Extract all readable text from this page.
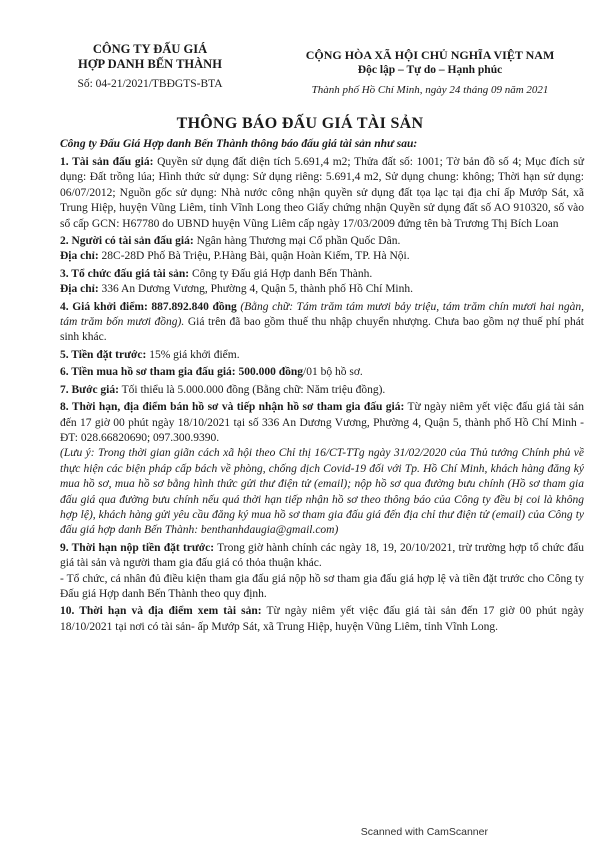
CÔNG TY ĐẤU GIÁ
HỢP DANH BẾN THÀNH
Số: 04-21/2021/TBĐGTS-BTA
CỘNG HÒA XÃ HỘI CHỦ NGHĨA VIỆT NAM
Độc lập – Tự do – Hạnh phúc
Thành phố Hồ Chí Minh, ngày 24 tháng 09 năm 2021
THÔNG BÁO ĐẤU GIÁ TÀI SẢN
Công ty Đấu Giá Hợp danh Bến Thành thông báo đấu giá tài sản như sau:

1. Tài sản đấu giá: Quyền sử dụng đất diện tích 5.691,4 m2; Thửa đất số: 1001; Tờ bản đồ số 4; Mục đích sử dụng: Đất trồng lúa; Hình thức sử dụng: Sử dụng riêng: 5.691,4 m2, Sử dụng chung: không; Thời hạn sử dụng: 06/07/2012; Nguồn gốc sử dụng: Nhà nước công nhận quyền sử dụng đất tọa lạc tại địa chỉ ấp Mướp Sát, xã Trung Hiệp, huyện Vũng Liêm, tỉnh Vĩnh Long theo Giấy chứng nhận Quyền sử dụng đất số AO 910320, số vào sổ cấp GCN: H67780 do UBND huyện Vũng Liêm cấp ngày 17/03/2009 đứng tên bà Trương Thị Bích Loan

2. Người có tài sản đấu giá: Ngân hàng Thương mại Cổ phần Quốc Dân.
Địa chỉ: 28C-28D Phố Bà Triệu, P.Hàng Bài, quận Hoàn Kiếm, TP. Hà Nội.

3. Tổ chức đấu giá tài sản: Công ty Đấu giá Hợp danh Bến Thành.
Địa chỉ: 336 An Dương Vương, Phường 4, Quận 5, thành phố Hồ Chí Minh.

4. Giá khởi điểm: 887.892.840 đồng (Bằng chữ: Tám trăm tám mươi bảy triệu, tám trăm chín mươi hai ngàn, tám trăm bốn mươi đồng). Giá trên đã bao gồm thuế thu nhập chuyển nhượng. Chưa bao gồm nợ thuế phí phát sinh khác.

5. Tiền đặt trước: 15% giá khởi điểm.

6. Tiền mua hồ sơ tham gia đấu giá: 500.000 đồng/01 bộ hồ sơ.

7. Bước giá: Tối thiểu là 5.000.000 đồng (Bằng chữ: Năm triệu đồng).

8. Thời hạn, địa điểm bán hồ sơ và tiếp nhận hồ sơ tham gia đấu giá: Từ ngày niêm yết việc đấu giá tài sản đến 17 giờ 00 phút ngày 18/10/2021 tại số 336 An Dương Vương, Phường 4, Quận 5, thành phố Hồ Chí Minh - ĐT: 028.66820690; 097.300.9390.
(Lưu ý: Trong thời gian giãn cách xã hội theo Chỉ thị 16/CT-TTg ngày 31/02/2020 của Thủ tướng Chính phủ về thực hiện các biện pháp cấp bách về phòng, chống dịch Covid-19 đối với Tp. Hồ Chí Minh, khách hàng đăng ký mua hồ sơ, mua hồ sơ bằng hình thức gửi thư điện tử (email); nộp hồ sơ qua đường bưu chính (Hồ sơ tham gia đấu giá qua đường bưu chính nếu quá thời hạn tiếp nhận hồ sơ theo thông báo của Công ty đều bị coi là không hợp lệ), khách hàng gửi yêu cầu đăng ký mua hồ sơ tham gia đấu giá đến địa chỉ thư điện tử (email) của Công ty đấu giá hợp danh Bến Thành: benthanhdaugia@gmail.com)

9. Thời hạn nộp tiền đặt trước: Trong giờ hành chính các ngày 18, 19, 20/10/2021, trừ trường hợp tổ chức đấu giá tài sản và người tham gia đấu giá có thỏa thuận khác.
- Tổ chức, cá nhân đủ điều kiện tham gia đấu giá nộp hồ sơ tham gia đấu giá hợp lệ và tiền đặt trước cho Công ty Đấu giá Hợp danh Bến Thành theo quy định.

10. Thời hạn và địa điểm xem tài sản: Từ ngày niêm yết việc đấu giá tài sản đến 17 giờ 00 phút ngày 18/10/2021 tại nơi có tài sản- ấp Mướp Sát, xã Trung Hiệp, huyện Vũng Liêm, tỉnh Vĩnh Long.

Scanned with CamScanner
